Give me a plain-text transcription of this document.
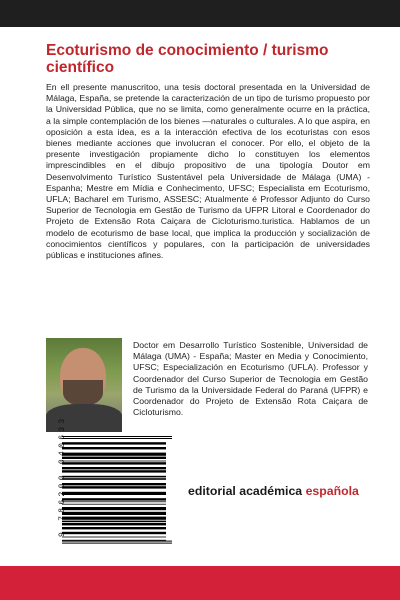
Ecoturismo de conocimiento / turismo científico

En ell presente manuscritoo, una tesis doctoral presentada en la Universidad de Málaga, España, se pretende la caracterización de un tipo de turismo propuesto por la Universidad Pública, que no se limita, como generalmente ocurre en la práctica, a la simple contemplación de los bienes —naturales o culturales. A lo que aspira, en oposición a esta idea, es a la interacción efectiva de los ecoturistas con esos bienes mediante acciones que involucran el conocer. Por ello, el objeto de la presente investigación propiamente dicho lo constituyen los elementos imprescindibles en el dibujo propositivo de una tipología Doutor em Desenvolvimento Turístico Sustentável pela Universidade de Málaga (UMA) - Espanha; Mestre em Mídia e Conhecimento, UFSC; Especialista em Ecoturismo, UFLA; Bacharel em Turismo, ASSESC; Atualmente é Professor Adjunto do Curso Superior de Tecnologia em Gestão de Turismo da UFPR Litoral e Coordenador do Projeto de Extensão Rota Caiçara de Cicloturismo.turistica. Hablamos de un modelo de ecoturismo de base local, que implica la producción y socialización de conocimientos científicos y populares, con la participación de universidades públicas e instituciones afines.

Doctor em Desarrollo Turístico Sostenible, Universidad de Málaga (UMA) - España; Master en Media y Conocimiento, UFSC; Especialización en Ecoturismo (UFLA). Professor y Coordenador del Curso Superior de Tecnologia em Gestão de Turismo da la Universidade Federal do Paraná (UFPR) e Coordenador do Projeto de Extensão Rota Caiçara de Cicloturismo.

9 786200 040633	editorial académica española
